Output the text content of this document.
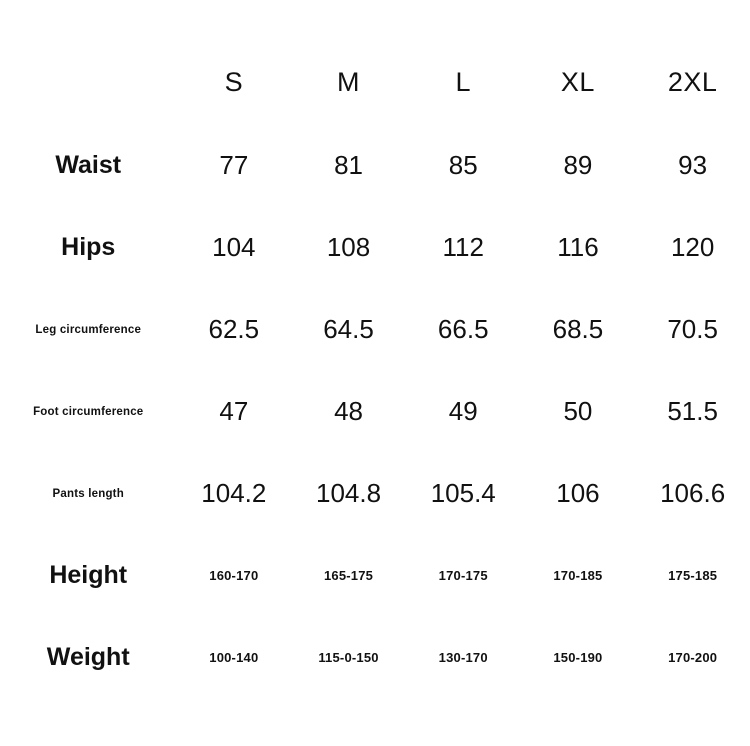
	S	M	L	XL	2XL
Waist	77	81	85	89	93
Hips	104	108	112	116	120
Leg circumference	62.5	64.5	66.5	68.5	70.5
Foot circumference	47	48	49	50	51.5
Pants length	104.2	104.8	105.4	106	106.6
Height	160-170	165-175	170-175	170-185	175-185
Weight	100-140	115-0-150	130-170	150-190	170-200
